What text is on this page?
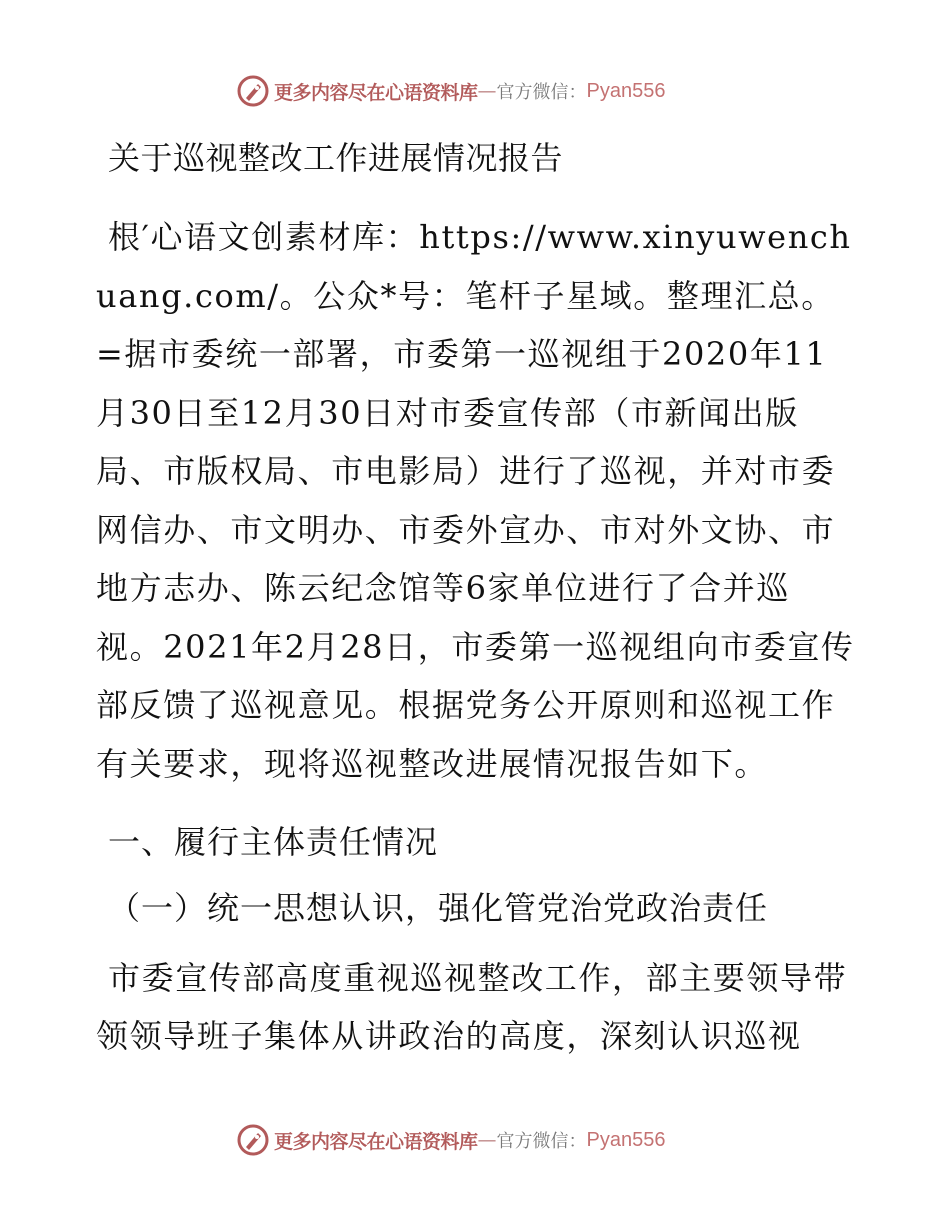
更多内容尽在心语资料库 — 官方微信： Pyan556
关于巡视整改工作进展情况报告
根′心语文创素材库：https://www.xinyuwenchuang.com/。公众*号：笔杆子星域。整理汇总。=据市委统一部署，市委第一巡视组于2020年11月30日至12月30日对市委宣传部（市新闻出版局、市版权局、市电影局）进行了巡视，并对市委网信办、市文明办、市委外宣办、市对外文协、市地方志办、陈云纪念馆等6家单位进行了合并巡视。2021年2月28日，市委第一巡视组向市委宣传部反馈了巡视意见。根据党务公开原则和巡视工作有关要求，现将巡视整改进展情况报告如下。
一、履行主体责任情况
（一）统一思想认识，强化管党治党政治责任
市委宣传部高度重视巡视整改工作，部主要领导带领领导班子集体从讲政治的高度，深刻认识巡视
更多内容尽在心语资料库 — 官方微信： Pyan556
